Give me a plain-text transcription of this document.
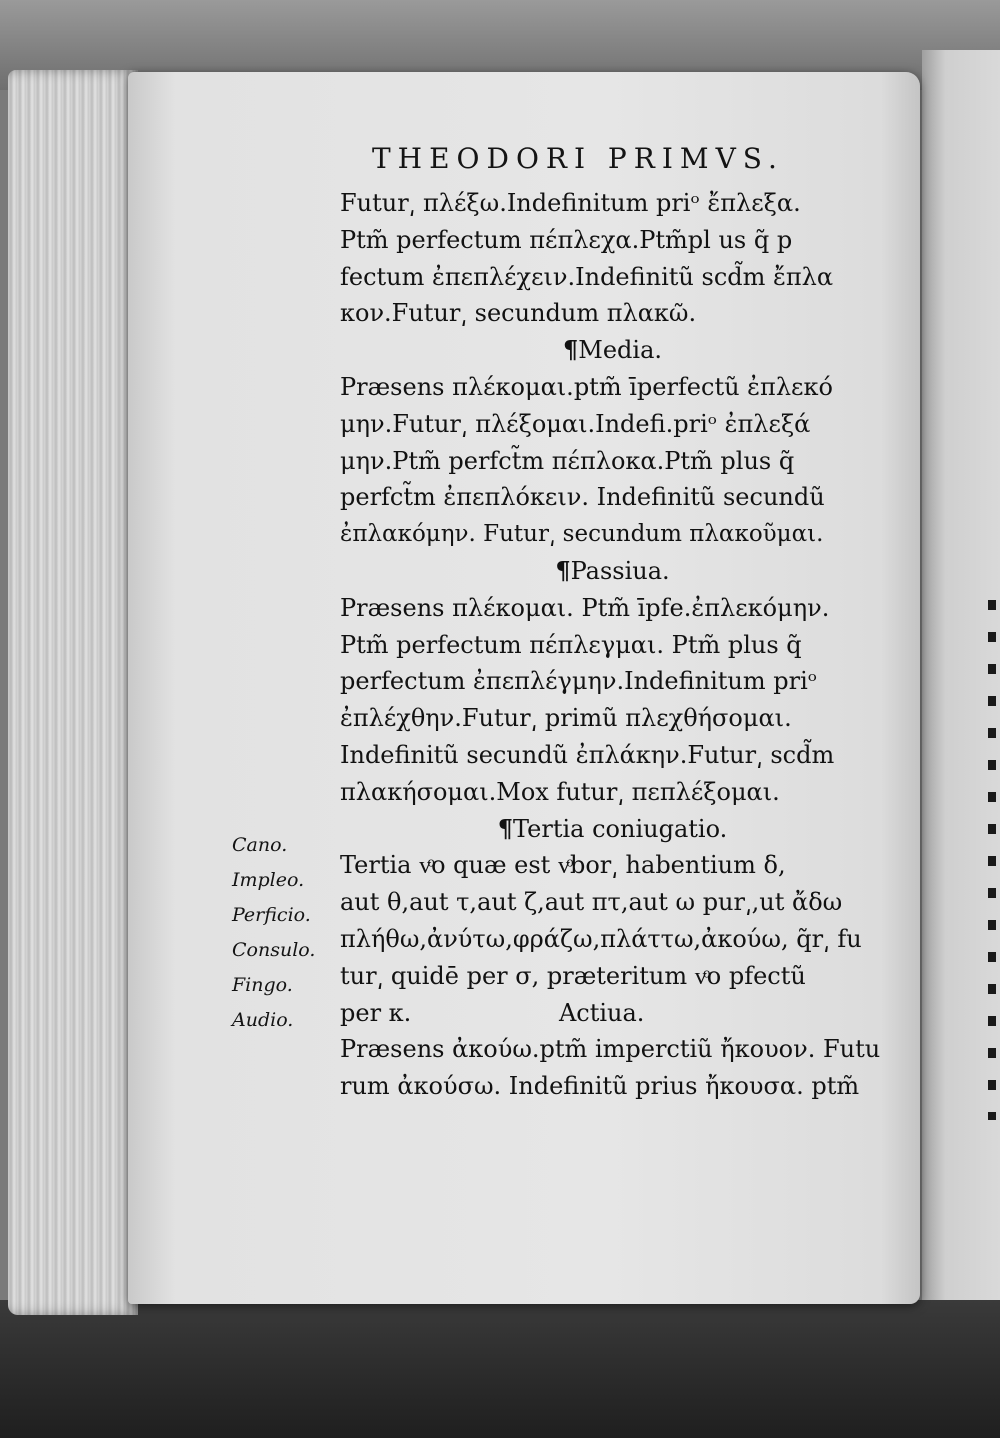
THEODORI PRIMVS.
Futur͵ πλέξω.Indefinitum priᵒ ἔπλεξα.
Ptm̃ perfectum πέπλεχα.Ptm̃pl us q̃ p
fectum ἐπεπλέχειν.Indefinitũ scd̃m ἔπλα
κον.Futur͵ secundum πλακῶ.
¶Media.
Præsens πλέκομαι.ptm̃ īperfectũ ἐπλεκό
μην.Futur͵ πλέξομαι.Indefi.priᵒ ἐπλεξά
μην.Ptm̃ perfct̃m πέπλοκα.Ptm̃ plus q̃
perfct̃m ἐπεπλόκειν. Indefinitũ secundũ
ἐπλακόμην. Futur͵ secundum πλακοῦμαι.
¶Passiua.
Præsens πλέκομαι. Ptm̃ īpfe.ἐπλεκόμην.
Ptm̃ perfectum πέπλεγμαι. Ptm̃ plus q̃
perfectum ἐπεπλέγμην.Indefinitum priᵒ
ἐπλέχθην.Futur͵ primũ πλεχθήσομαι.
Indefinitũ secundũ ἐπλάκην.Futur͵ scd̃m
πλακήσομαι.Mox futur͵ πεπλέξομαι.
¶Tertia coniugatio.
Tertia vͦo quæ est vͦbor͵ habentium δ,
aut θ,aut τ,aut ζ,aut πτ,aut ω pur͵,ut ἄδω
πλήθω,ἀνύτω,φράζω,πλάττω,ἀκούω, q̃r͵ fu
tur͵ quidē per σ, præteritum vͦo pfectũ
per κ.	Actiua.
Præsens ἀκούω.ptm̃ imperctiũ ἤκουον. Futu
rum ἀκούσω. Indefinitũ prius ἤκουσα. ptm̃
Cano.
Impleo.
Perficio.
Consulo.
Fingo.
Audio.
